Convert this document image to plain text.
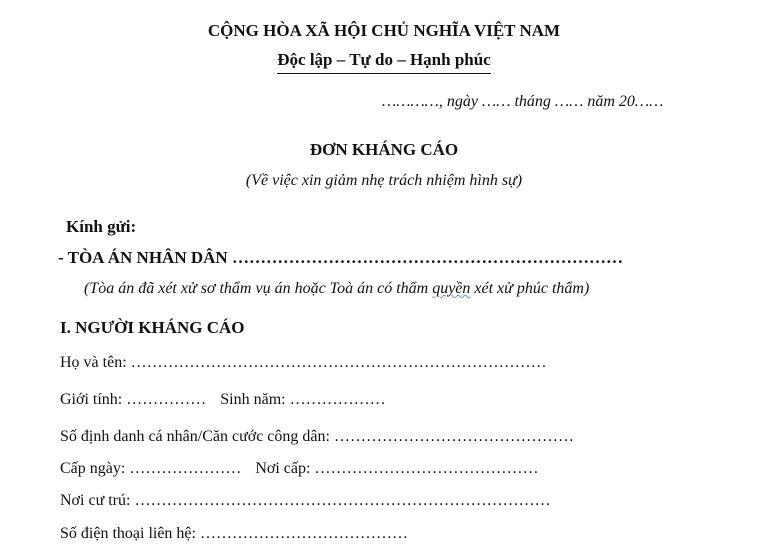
CỘNG HÒA XÃ HỘI CHỦ NGHĨA VIỆT NAM
Độc lập – Tự do – Hạnh phúc
…………, ngày …… tháng …… năm 20……
ĐƠN KHÁNG CÁO
(Về việc xin giảm nhẹ trách nhiệm hình sự)
Kính gửi:
- TÒA ÁN NHÂN DÂN ……………………………………………………………
(Tòa án đã xét xử sơ thẩm vụ án hoặc Toà án có thẩm quyền xét xử phúc thẩm)
I. NGƯỜI KHÁNG CÁO
Họ và tên: ……………………………………………………………………
Giới tính: …………… Sinh năm: ………………
Số định danh cá nhân/Căn cước công dân: ………………………………………
Cấp ngày: ………………… Nơi cấp: ……………………………………
Nơi cư trú: ……………………………………………………………………
Số điện thoại liên hệ: …………………………………
